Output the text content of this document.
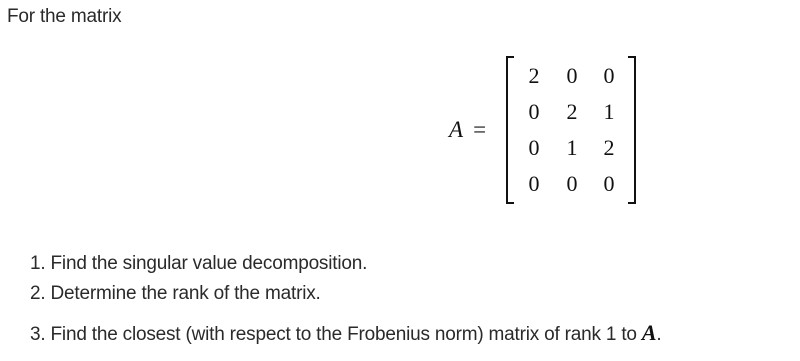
For the matrix
A =
2	0	0
0	2	1
0	1	2
0	0	0
1. Find the singular value decomposition.
2. Determine the rank of the matrix.
3. Find the closest (with respect to the Frobenius norm) matrix of rank 1 to A.
